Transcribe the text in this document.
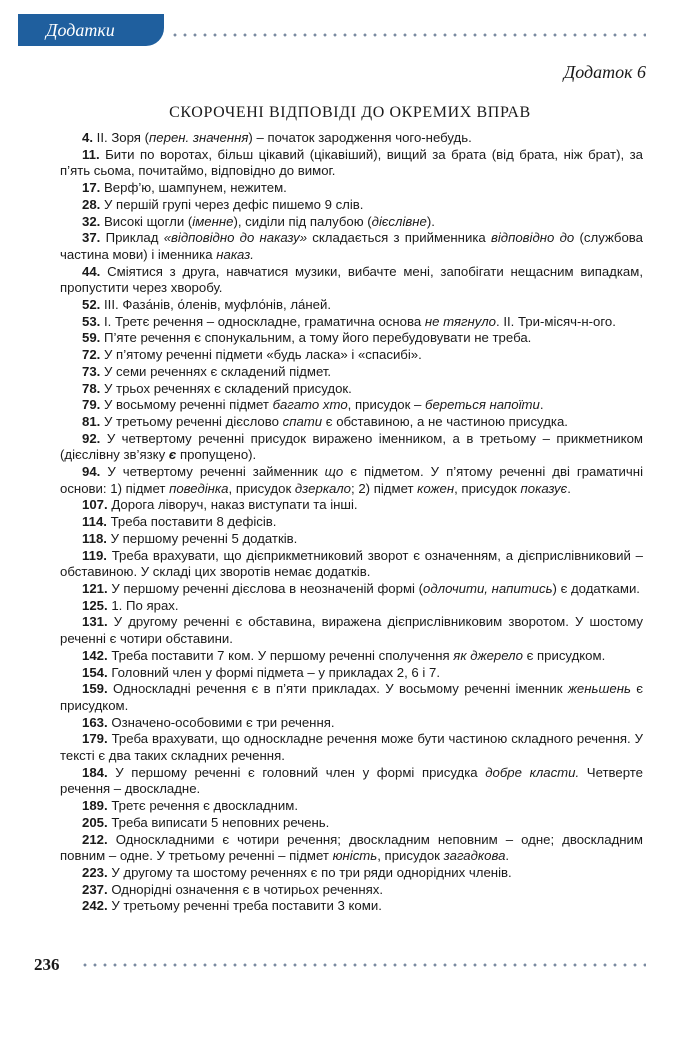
Додатки
Додаток 6
СКОРОЧЕНІ ВІДПОВІДІ ДО ОКРЕМИХ ВПРАВ

4. ІІ. Зоря (перен. значення) – початок зародження чого-небудь.

11. Бити по воротах, більш цікавий (цікавіший), вищий за брата (від брата, ніж брат), за п’ять сьома, почитаймо, відповідно до вимог.

17. Верф’ю, шампунем, нежитем.

28. У першій групі через дефіс пишемо 9 слів.

32. Високі щогли (іменне), сиділи під палубою (дієслівне).

37. Приклад «відповідно до наказу» складається з прийменника відповідно до (службова частина мови) і іменника наказ.

44. Сміятися з друга, навчатися музики, вибачте мені, запобігати нещасним випадкам, пропустити через хворобу.

52. ІІІ. Фаза́нів, о́ленів, муфло́нів, ла́ней.

53. І. Третє речення – односкладне, граматична основа не тягнуло. ІІ. Три-місяч-н-ого.

59. П’яте речення є спонукальним, а тому його перебудовувати не треба.

72. У п’ятому реченні підмети «будь ласка» і «спасибі».

73. У семи реченнях є складений підмет.

78. У трьох реченнях є складений присудок.

79. У восьмому реченні підмет багато хто, присудок – береться напоїти.

81. У третьому реченні дієслово спати є обставиною, а не частиною присудка.

92. У четвертому реченні присудок виражено іменником, а в третьому – прикметником (дієслівну зв’язку є пропущено).

94. У четвертому реченні займенник що є підметом. У п’ятому реченні дві граматичні основи: 1) підмет поведінка, присудок дзеркало; 2) підмет кожен, присудок показує.

107. Дорога ліворуч, наказ виступати та інші.

114. Треба поставити 8 дефісів.

118. У першому реченні 5 додатків.

119. Треба врахувати, що дієприкметниковий зворот є означенням, а дієприслівниковий – обставиною. У складі цих зворотів немає додатків.

121. У першому реченні дієслова в неозначеній формі (одлочити, напитись) є додатками.

125. 1. По ярах.

131. У другому реченні є обставина, виражена дієприслівниковим зворотом. У шостому реченні є чотири обставини.

142. Треба поставити 7 ком. У першому реченні сполучення як джерело є присудком.

154. Головний член у формі підмета – у прикладах 2, 6 і 7.

159. Односкладні речення є в п’яти прикладах. У восьмому реченні іменник женьшень є присудком.

163. Означено-особовими є три речення.

179. Треба врахувати, що односкладне речення може бути частиною складного речення. У тексті є два таких складних речення.

184. У першому реченні є головний член у формі присудка добре класти. Четверте речення – двоскладне.

189. Третє речення є двоскладним.

205. Треба виписати 5 неповних речень.

212. Односкладними є чотири речення; двоскладним неповним – одне; двоскладним повним – одне. У третьому реченні – підмет юність, присудок загадкова.

223. У другому та шостому реченнях є по три ряди однорідних членів.

237. Однорідні означення є в чотирьох реченнях.

242. У третьому реченні треба поставити 3 коми.

236
